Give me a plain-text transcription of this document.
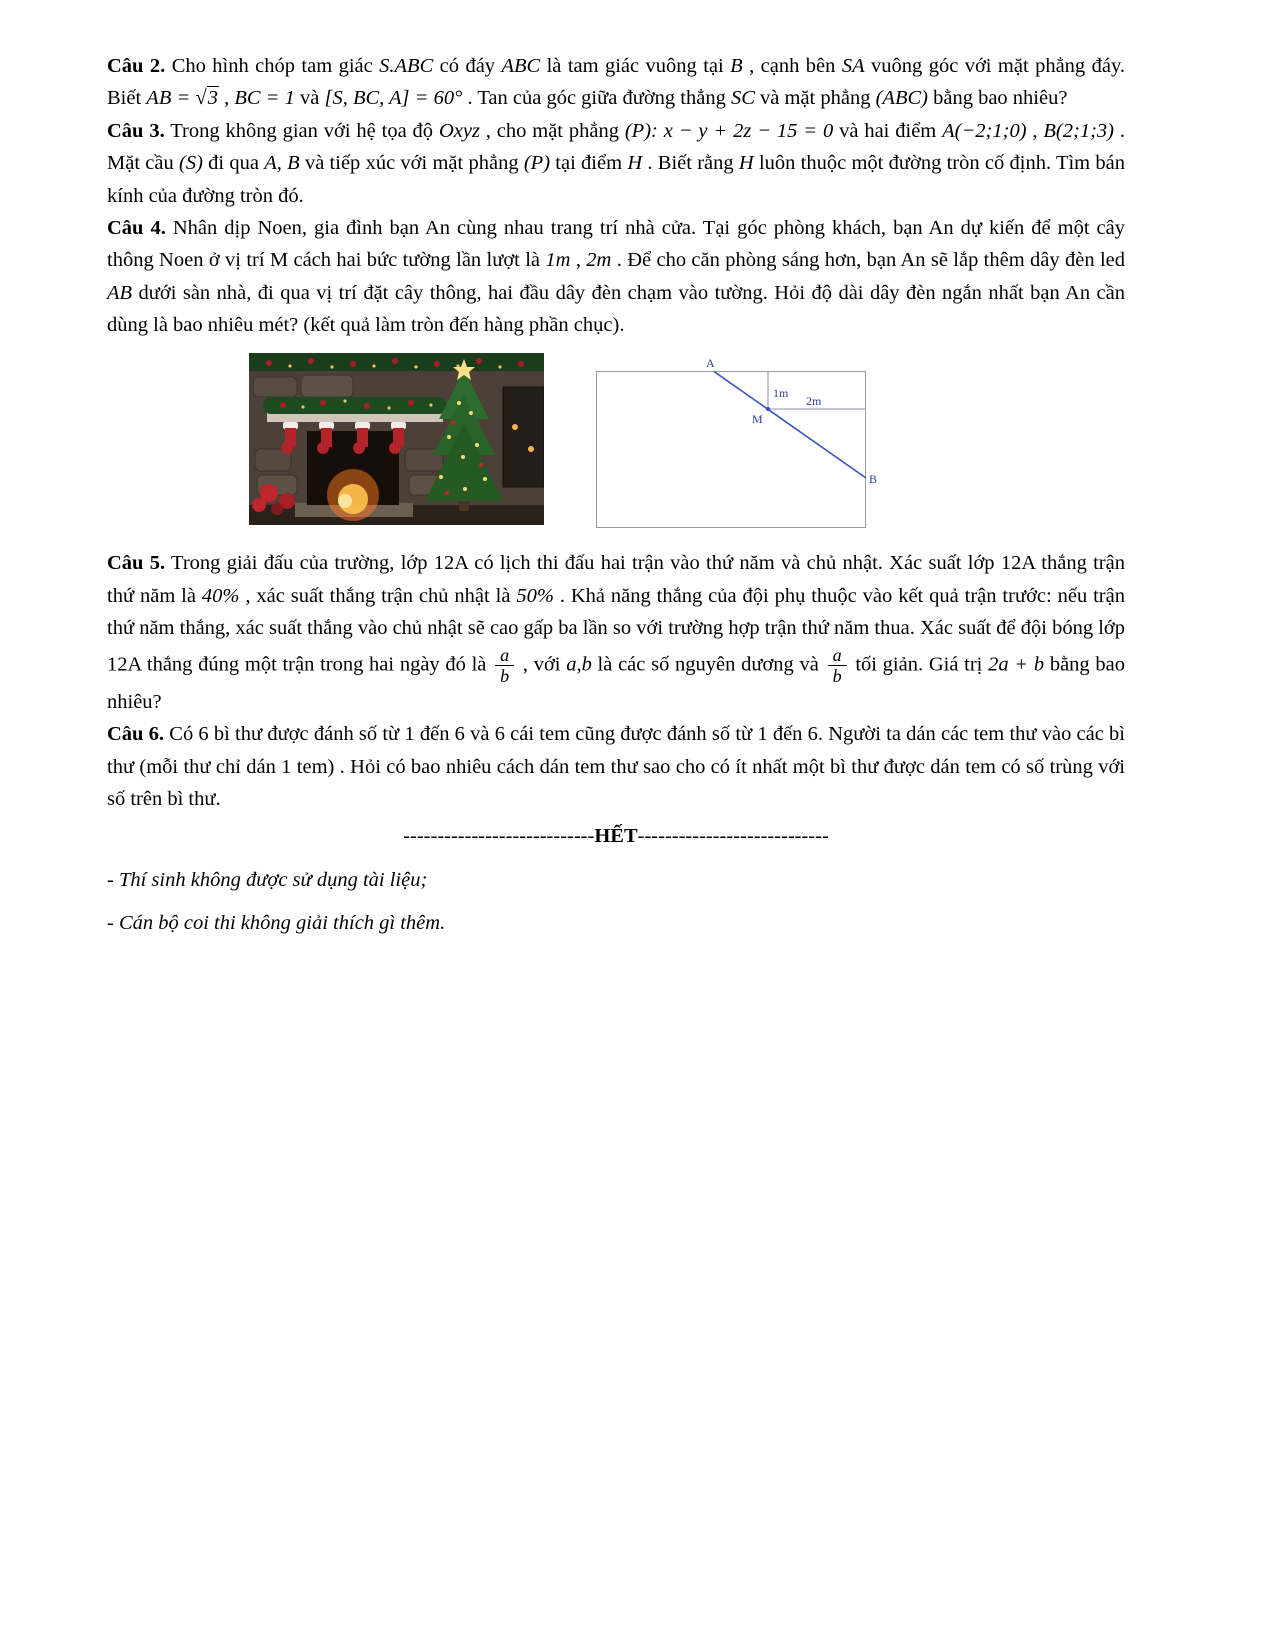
Câu 2. Cho hình chóp tam giác S.ABC có đáy ABC là tam giác vuông tại B , cạnh bên SA vuông góc với mặt phẳng đáy. Biết AB = √3 , BC = 1 và [S, BC, A] = 60° . Tan của góc giữa đường thẳng SC và mặt phẳng (ABC) bằng bao nhiêu?

Câu 3. Trong không gian với hệ tọa độ Oxyz , cho mặt phẳng (P): x − y + 2z − 15 = 0 và hai điểm A(−2;1;0) , B(2;1;3) . Mặt cầu (S) đi qua A, B và tiếp xúc với mặt phẳng (P) tại điểm H . Biết rằng H luôn thuộc một đường tròn cố định. Tìm bán kính của đường tròn đó.

Câu 4. Nhân dịp Noen, gia đình bạn An cùng nhau trang trí nhà cửa. Tại góc phòng khách, bạn An dự kiến để một cây thông Noen ở vị trí M cách hai bức tường lần lượt là 1m , 2m . Để cho căn phòng sáng hơn, bạn An sẽ lắp thêm dây đèn led AB dưới sàn nhà, đi qua vị trí đặt cây thông, hai đầu dây đèn chạm vào tường. Hỏi độ dài dây đèn ngắn nhất bạn An cần dùng là bao nhiêu mét? (kết quả làm tròn đến hàng phần chục).

A
1m
2m
M
B

Câu 5. Trong giải đấu của trường, lớp 12A có lịch thi đấu hai trận vào thứ năm và chủ nhật. Xác suất lớp 12A thắng trận thứ năm là 40% , xác suất thắng trận chủ nhật là 50% . Khả năng thắng của đội phụ thuộc vào kết quả trận trước: nếu trận thứ năm thắng, xác suất thắng vào chủ nhật sẽ cao gấp ba lần so với trường hợp trận thứ năm thua. Xác suất để đội bóng lớp 12A thắng đúng một trận trong hai ngày đó là $\frac{a}{b}$ , với a,b là các số nguyên dương và $\frac{a}{b}$ tối giản. Giá trị 2a + b bằng bao nhiêu?

Câu 6. Có 6 bì thư được đánh số từ 1 đến 6 và 6 cái tem cũng được đánh số từ 1 đến 6. Người ta dán các tem thư vào các bì thư (mỗi thư chỉ dán 1 tem) . Hỏi có bao nhiêu cách dán tem thư sao cho có ít nhất một bì thư được dán tem có số trùng với số trên bì thư.

----------------------------HẾT----------------------------

- Thí sinh không được sử dụng tài liệu;

- Cán bộ coi thi không giải thích gì thêm.
